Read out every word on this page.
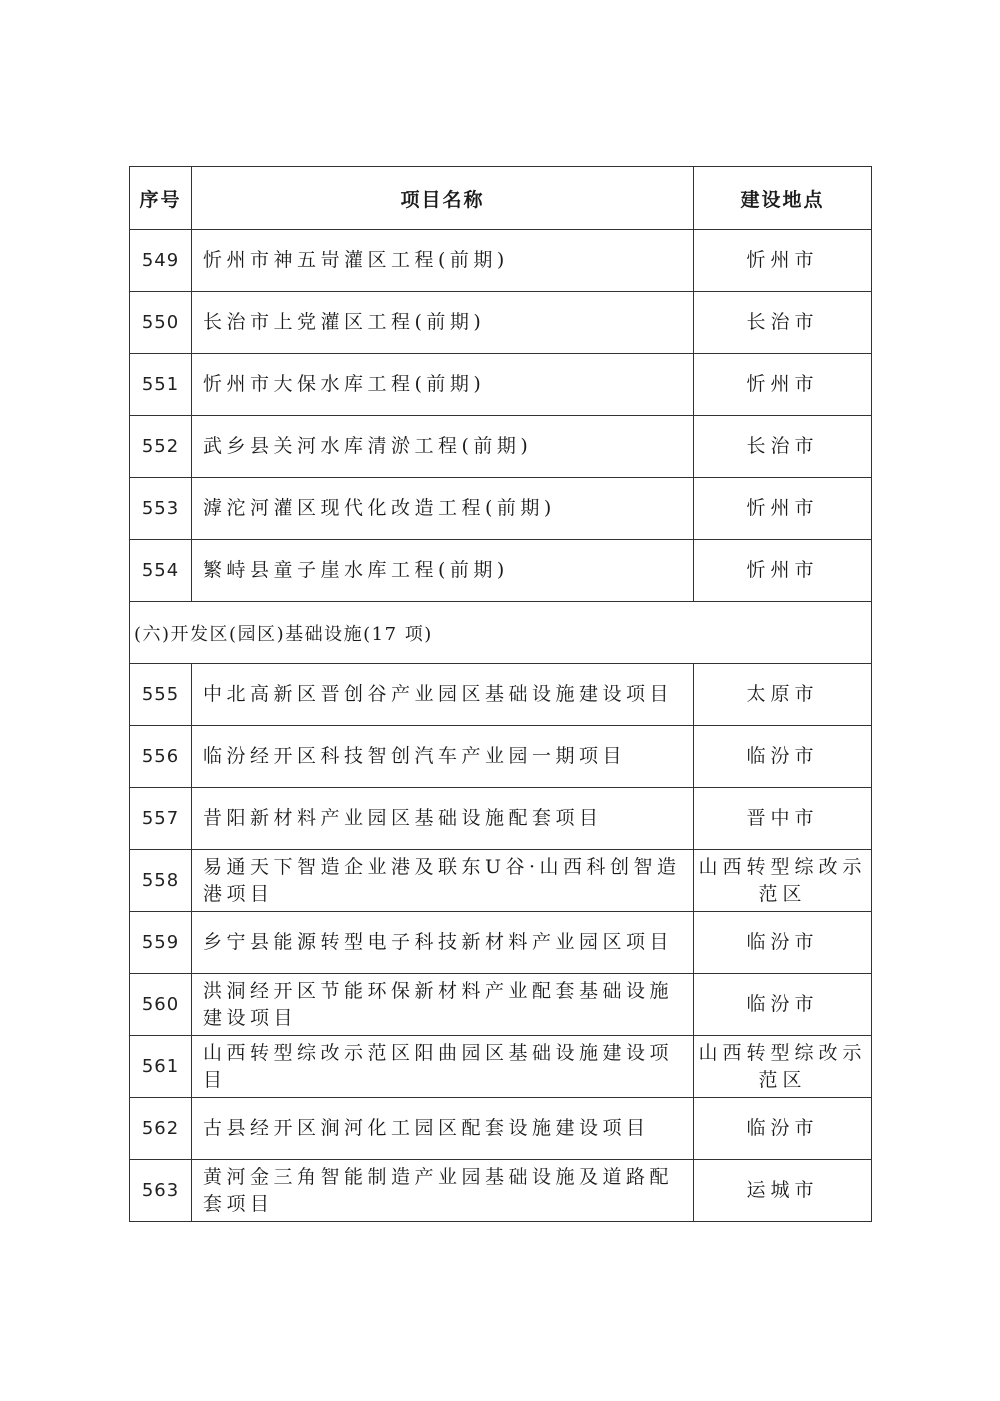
序号	项目名称	建设地点
549	忻州市神五岢灌区工程(前期)	忻州市
550	长治市上党灌区工程(前期)	长治市
551	忻州市大保水库工程(前期)	忻州市
552	武乡县关河水库清淤工程(前期)	长治市
553	滹沱河灌区现代化改造工程(前期)	忻州市
554	繁峙县童子崖水库工程(前期)	忻州市
(六)开发区(园区)基础设施(17 项)		
555	中北高新区晋创谷产业园区基础设施建设项目	太原市
556	临汾经开区科技智创汽车产业园一期项目	临汾市
557	昔阳新材料产业园区基础设施配套项目	晋中市
558	易通天下智造企业港及联东U谷·山西科创智造港项目	山西转型综改示范区
559	乡宁县能源转型电子科技新材料产业园区项目	临汾市
560	洪洞经开区节能环保新材料产业配套基础设施建设项目	临汾市
561	山西转型综改示范区阳曲园区基础设施建设项目	山西转型综改示范区
562	古县经开区涧河化工园区配套设施建设项目	临汾市
563	黄河金三角智能制造产业园基础设施及道路配套项目	运城市
